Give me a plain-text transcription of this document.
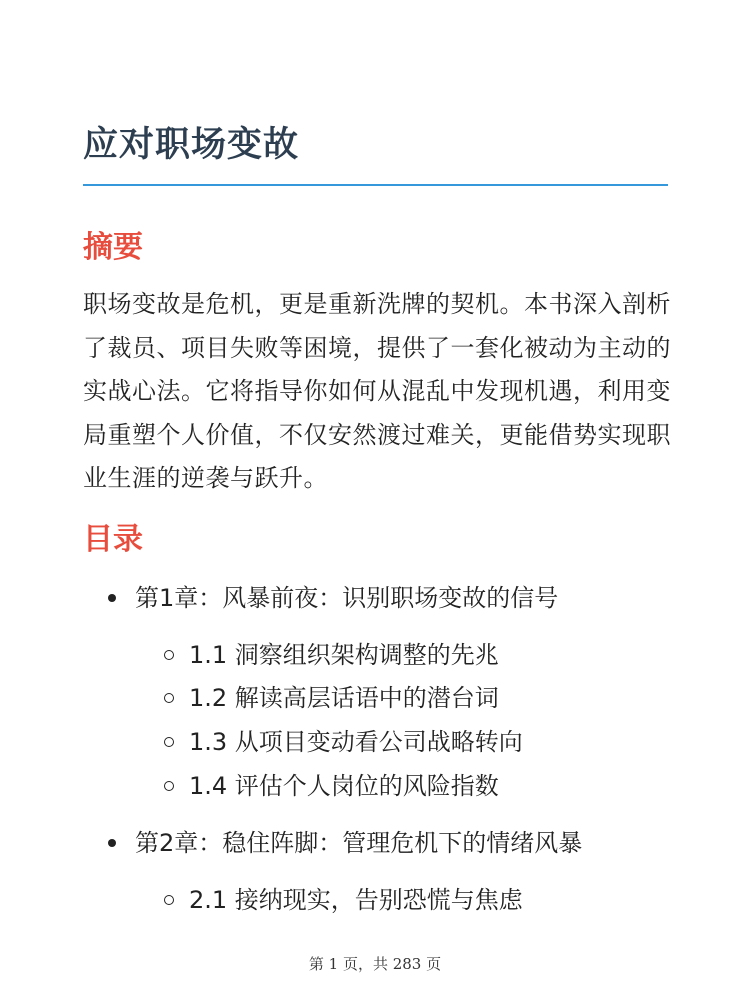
应对职场变故
摘要

职场变故是危机，更是重新洗牌的契机。本书深入剖析了裁员、项目失败等困境，提供了一套化被动为主动的实战心法。它将指导你如何从混乱中发现机遇，利用变局重塑个人价值，不仅安然渡过难关，更能借势实现职业生涯的逆袭与跃升。

目录
第1章：风暴前夜：识别职场变故的信号
1.1 洞察组织架构调整的先兆
1.2 解读高层话语中的潜台词
1.3 从项目变动看公司战略转向
1.4 评估个人岗位的风险指数
第2章：稳住阵脚：管理危机下的情绪风暴
2.1 接纳现实，告别恐慌与焦虑
第 1 页，共 283 页
